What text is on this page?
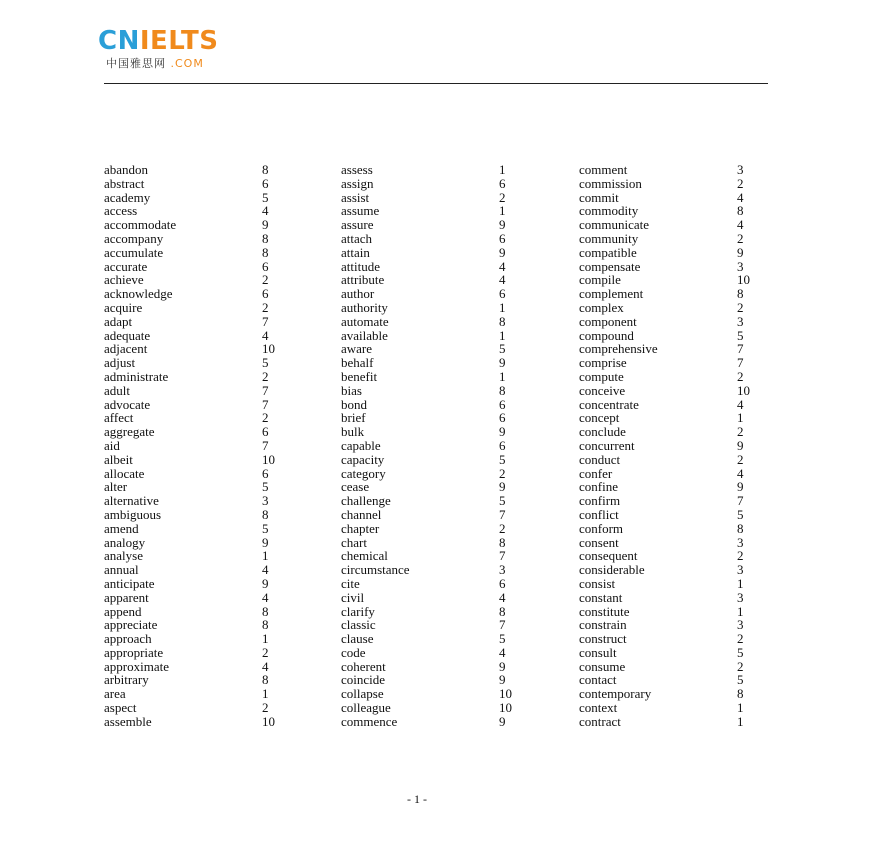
CNIELTS
中国雅思网 .COM
abandon	8
abstract	6
academy	5
access	4
accommodate	9
accompany	8
accumulate	8
accurate	6
achieve	2
acknowledge	6
acquire	2
adapt	7
adequate	4
adjacent	10
adjust	5
administrate	2
adult	7
advocate	7
affect	2
aggregate	6
aid	7
albeit	10
allocate	6
alter	5
alternative	3
ambiguous	8
amend	5
analogy	9
analyse	1
annual	4
anticipate	9
apparent	4
append	8
appreciate	8
approach	1
appropriate	2
approximate	4
arbitrary	8
area	1
aspect	2
assemble	10
assess	1
assign	6
assist	2
assume	1
assure	9
attach	6
attain	9
attitude	4
attribute	4
author	6
authority	1
automate	8
available	1
aware	5
behalf	9
benefit	1
bias	8
bond	6
brief	6
bulk	9
capable	6
capacity	5
category	2
cease	9
challenge	5
channel	7
chapter	2
chart	8
chemical	7
circumstance	3
cite	6
civil	4
clarify	8
classic	7
clause	5
code	4
coherent	9
coincide	9
collapse	10
colleague	10
commence	9
comment	3
commission	2
commit	4
commodity	8
communicate	4
community	2
compatible	9
compensate	3
compile	10
complement	8
complex	2
component	3
compound	5
comprehensive	7
comprise	7
compute	2
conceive	10
concentrate	4
concept	1
conclude	2
concurrent	9
conduct	2
confer	4
confine	9
confirm	7
conflict	5
conform	8
consent	3
consequent	2
considerable	3
consist	1
constant	3
constitute	1
constrain	3
construct	2
consult	5
consume	2
contact	5
contemporary	8
context	1
contract	1
- 1 -
